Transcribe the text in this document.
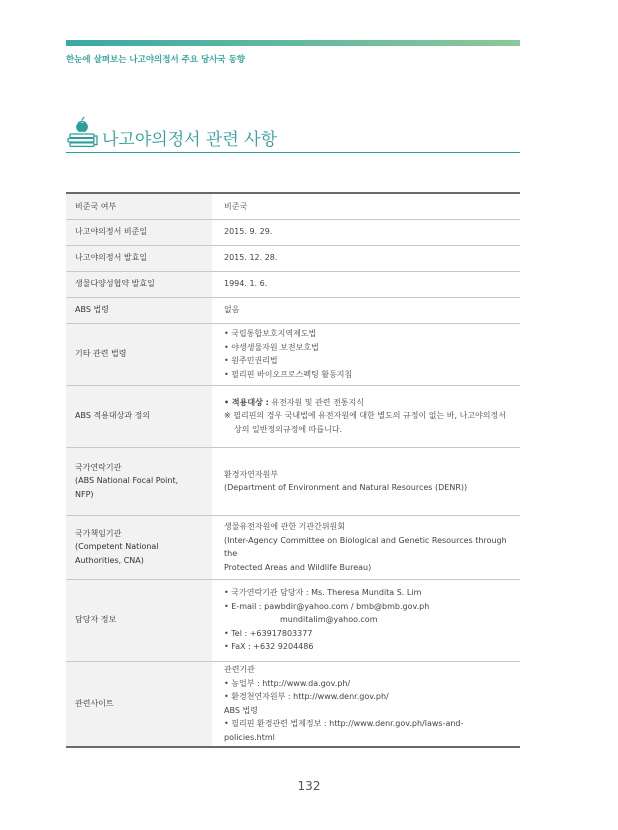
한눈에 살펴보는 나고야의정서 주요 당사국 동향
나고야의정서 관련 사항
비준국 여부	비준국
나고야의정서 비준일	2015. 9. 29.
나고야의정서 발효일	2015. 12. 28.
생물다양성협약 발효일	1994. 1. 6.
ABS 법령	없음
기타 관련 법령	• 국립통합보호지역제도법
• 야생생물자원 보전보호법
• 원주민권리법
• 필리핀 바이오프로스펙팅 활동지침

ABS 적용대상과 정의	• 적용대상 : 유전자원 및 관련 전통지식
※ 필리핀의 경우 국내법에 유전자원에 대한 별도의 규정이 없는 바, 나고야의정서
상의 일반정의규정에 따릅니다.

국가연락기관
(ABS National Focal Point,
NFP)	환경자연자원부
(Department of Environment and Natural Resources (DENR))

국가책임기관
(Competent National
Authorities, CNA)	생물유전자원에 관한 기관간위원회
(Inter-Agency Committee on Biological and Genetic Resources through the
Protected Areas and Wildlife Bureau)

담당자 정보	• 국가연락기관 담당자 : Ms. Theresa Mundita S. Lim
• E-mail : pawbdir@yahoo.com / bmb@bmb.gov.ph
munditalim@yahoo.com
• Tel : +63917803377
• FaX : +632 9204486

관련사이트	관련기관
• 농업부 : http://www.da.gov.ph/
• 환경천연자원부 : http://www.denr.gov.ph/
ABS 법령
• 필리핀 환경관련 법제정보 : http://www.denr.gov.ph/laws-and-policies.html
132
